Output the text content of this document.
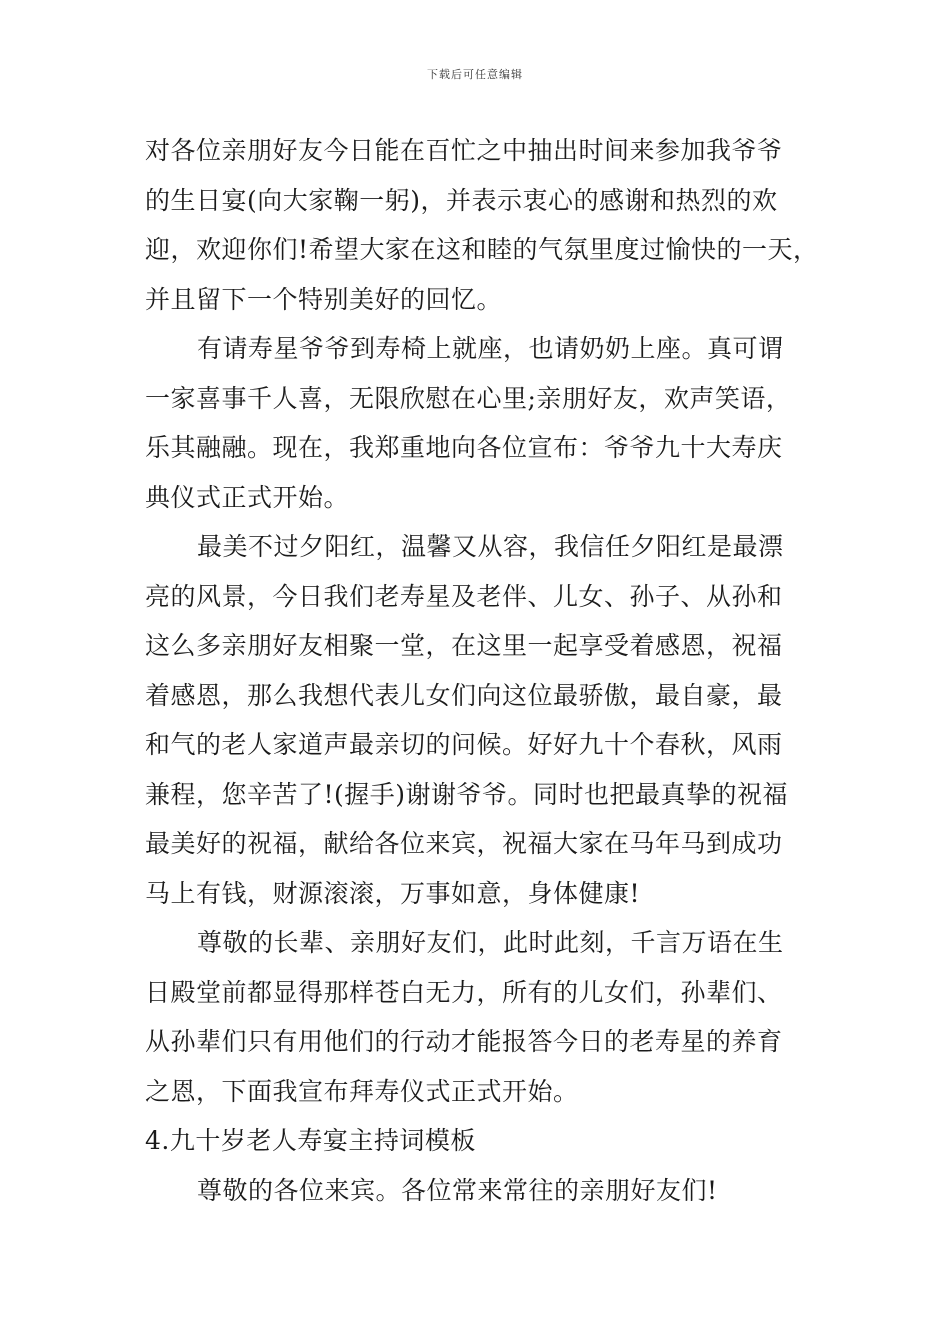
下载后可任意编辑
对各位亲朋好友今日能在百忙之中抽出时间来参加我爷爷
的生日宴(向大家鞠一躬)，并表示衷心的感谢和热烈的欢
迎，欢迎你们!希望大家在这和睦的气氛里度过愉快的一天，
并且留下一个特别美好的回忆。
有请寿星爷爷到寿椅上就座，也请奶奶上座。真可谓
一家喜事千人喜，无限欣慰在心里;亲朋好友，欢声笑语，
乐其融融。现在，我郑重地向各位宣布：爷爷九十大寿庆
典仪式正式开始。
最美不过夕阳红，温馨又从容，我信任夕阳红是最漂
亮的风景，今日我们老寿星及老伴、儿女、孙子、从孙和
这么多亲朋好友相聚一堂，在这里一起享受着感恩，祝福
着感恩，那么我想代表儿女们向这位最骄傲，最自豪，最
和气的老人家道声最亲切的问候。好好九十个春秋，风雨
兼程，您辛苦了!(握手)谢谢爷爷。同时也把最真挚的祝福
最美好的祝福，献给各位来宾，祝福大家在马年马到成功
马上有钱，财源滚滚，万事如意，身体健康!
尊敬的长辈、亲朋好友们，此时此刻，千言万语在生
日殿堂前都显得那样苍白无力，所有的儿女们，孙辈们、
从孙辈们只有用他们的行动才能报答今日的老寿星的养育
之恩，下面我宣布拜寿仪式正式开始。
4.九十岁老人寿宴主持词模板
尊敬的各位来宾。各位常来常往的亲朋好友们!
